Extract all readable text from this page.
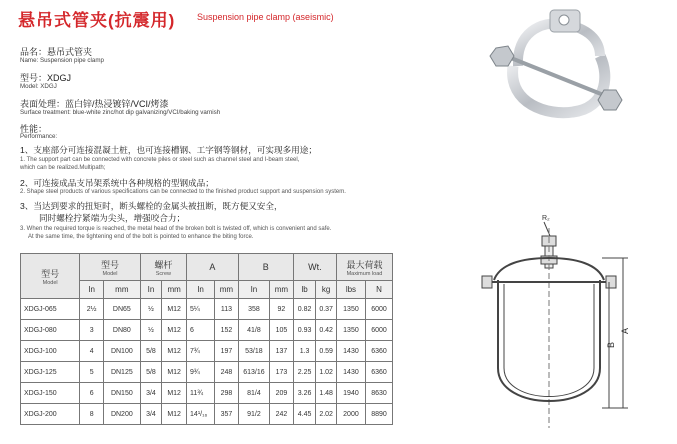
悬吊式管夹(抗震用) Suspension pipe clamp (aseismic)
品名：悬吊式管夹
Name: Suspension pipe clamp
型号：XDGJ
Model: XDGJ
表面处理：蓝白锌/热浸镀锌/VCI/烤漆
Surface treatment: blue-white zinc/hot dip galvanizing/VCI/baking varnish
性能：
Performance:
1、支座部分可连接混凝土桩，也可连接槽钢、工字钢等钢材，可实现多用途；
1. The support part can be connected with concrete piles or steel such as channel steel and I-beam steel,
which can be realized.Multipath;
2、可连接成品支吊架系统中各种规格的型钢成品；
2. Shape steel products of various specifications can be connected to the finished product support and suspension system.
3、当达到要求的扭矩时，断头螺栓的金属头被扭断，既方便又安全，
同时螺栓拧紧端为尖头，增强咬合力；
3. When the required torque is reached, the metal head of the broken bolt is twisted off, which is convenient and safe.
At the same time, the tightening end of the bolt is pointed to enhance the biting force.
型号
Model	型号
Model		螺杆
Screw		A		B		Wt.		最大荷载
Maximum load	

	In	mm	In	mm	In	mm	In	mm	lb	kg	lbs	N
XDGJ-065	2½	DN65	½	M12	5¼	113	358	92	0.82	0.37	1350	6000
XDGJ-080	3	DN80	½	M12	6	152	41/8	105	0.93	0.42	1350	6000
XDGJ-100	4	DN100	5/8	M12	7¾	197	53/18	137	1.3	0.59	1430	6360
XDGJ-125	5	DN125	5/8	M12	9¾	248	613/16	173	2.25	1.02	1430	6360
XDGJ-150	6	DN150	3/4	M12	11¾	298	81/4	209	3.26	1.48	1940	8630
XDGJ-200	8	DN200	3/4	M12	14¹/₁₆	357	91/2	242	4.45	2.02	2000	8890
R₂
A
B
